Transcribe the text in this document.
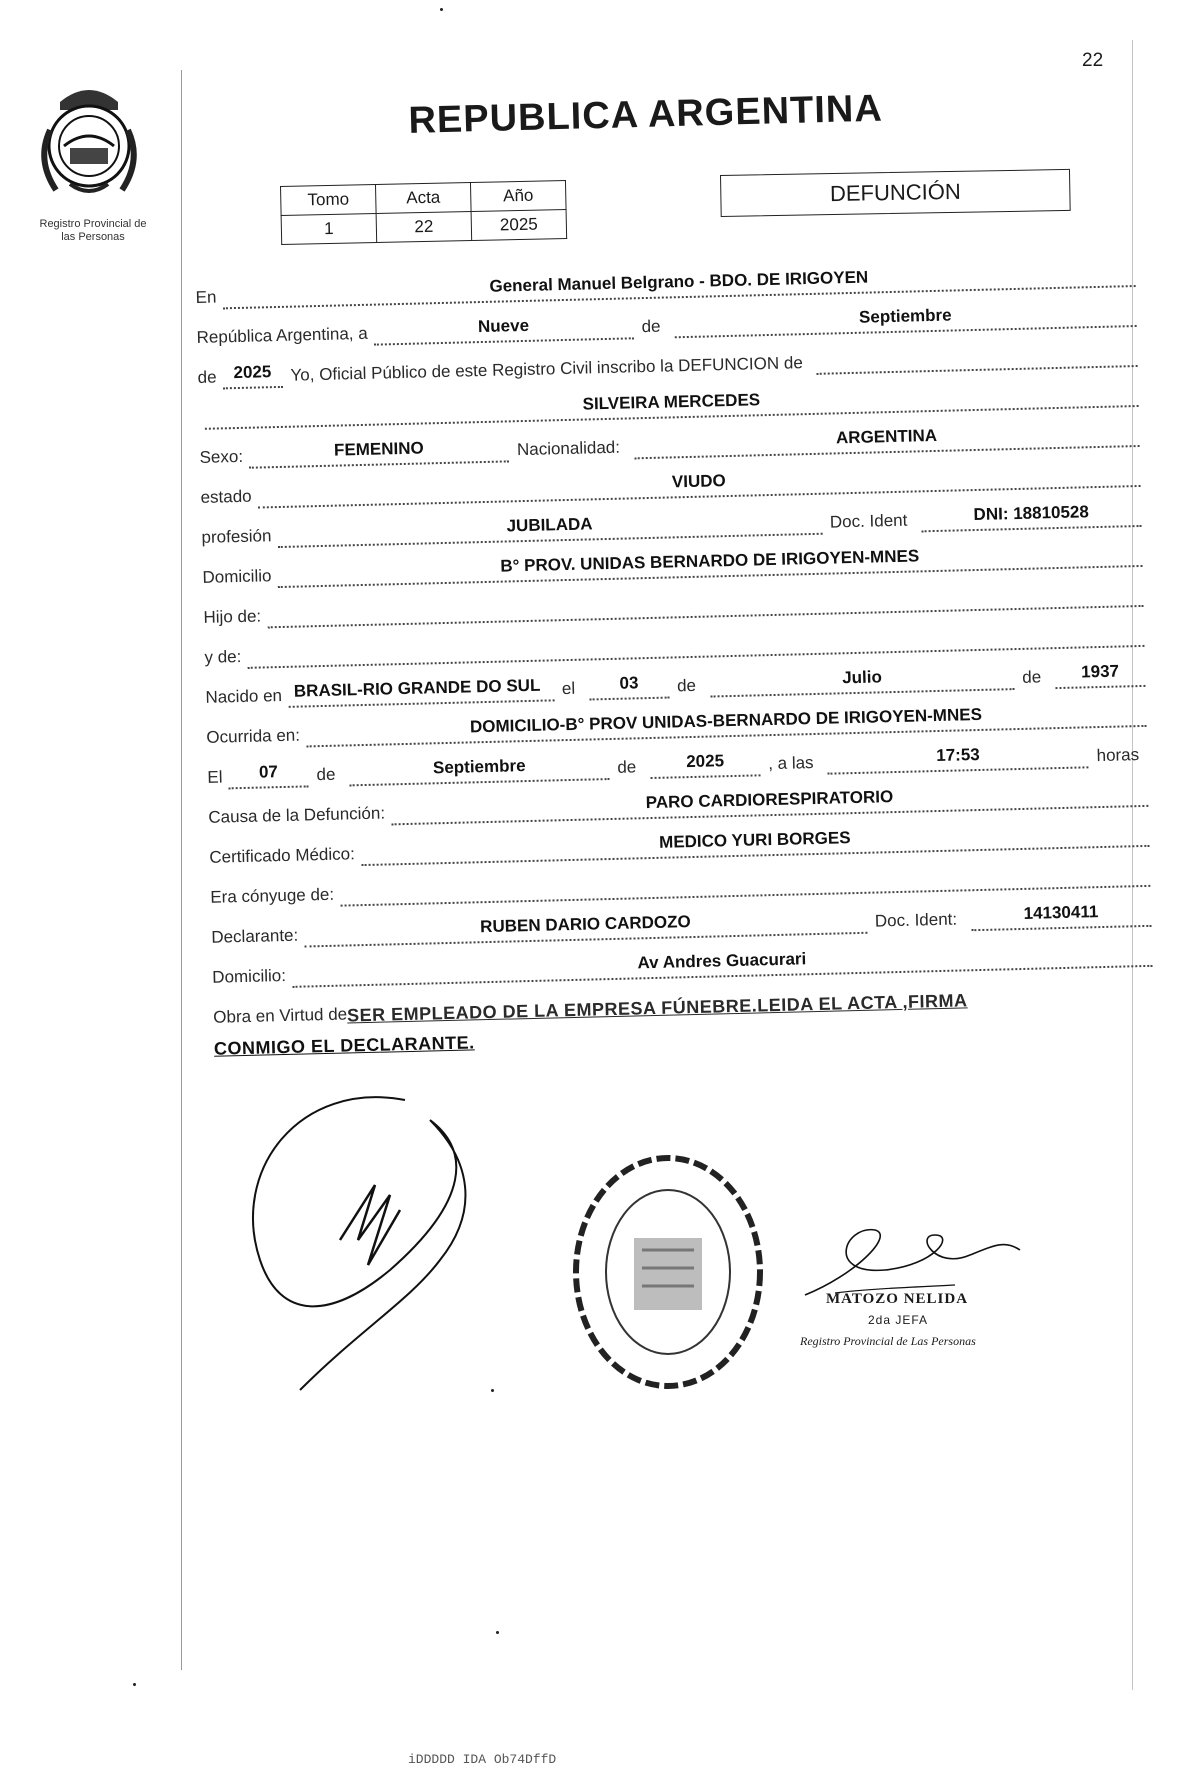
22
Registro Provincial de
las Personas
REPUBLICA ARGENTINA
Tomo	Acta	Año
1	22	2025
DEFUNCIÓN
En
General Manuel Belgrano - BDO. DE IRIGOYEN
República Argentina, a	Nueve	de	Septiembre
de 2025	Yo, Oficial Público de este Registro Civil inscribo la DEFUNCION de
SILVEIRA MERCEDES
Sexo:	FEMENINO	Nacionalidad:
ARGENTINA
estado
VIUDO
profesión
JUBILADA	Doc. Ident	DNI: 18810528
Domicilio
B° PROV. UNIDAS BERNARDO DE IRIGOYEN-MNES
Hijo de:
y de:
Nacido en BRASIL-RIO GRANDE DO SUL	el	03	de	Julio	de	1937
Ocurrida en:	DOMICILIO-B° PROV UNIDAS-BERNARDO DE IRIGOYEN-MNES
El	07	de	Septiembre	de	2025	, a las	17:53	horas
Causa de la Defunción:
PARO CARDIORESPIRATORIO
Certificado Médico:
MEDICO YURI BORGES
Era cónyuge de:
Declarante:
RUBEN DARIO CARDOZO	Doc. Ident:	14130411
Domicilio:
Av Andres Guacurari
Obra en Virtud de SER EMPLEADO DE LA EMPRESA FÚNEBRE.LEIDA EL ACTA ,FIRMA
CONMIGO EL DECLARANTE.
MATOZO NELIDA
2da JEFA
Registro Provincial de Las Personas
iDDDDD IDA Ob74DffD
